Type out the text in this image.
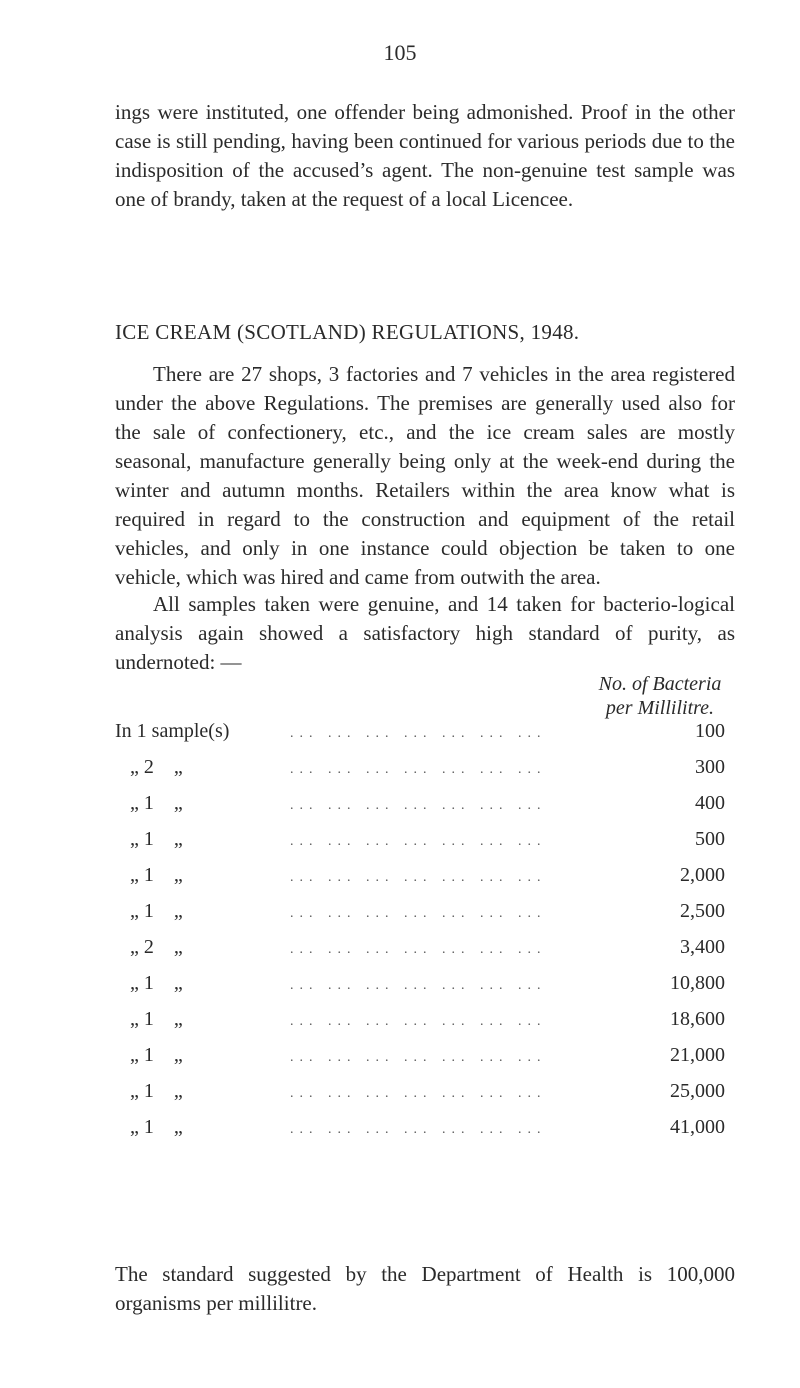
105
ings were instituted, one offender being admonished. Proof in the other case is still pending, having been continued for various periods due to the indisposition of the accused’s agent. The non-genuine test sample was one of brandy, taken at the request of a local Licencee.
ICE CREAM (SCOTLAND) REGULATIONS, 1948.
There are 27 shops, 3 factories and 7 vehicles in the area registered under the above Regulations. The premises are generally used also for the sale of confectionery, etc., and the ice cream sales are mostly seasonal, manufacture generally being only at the week-end during the winter and autumn months. Retailers within the area know what is required in regard to the construction and equipment of the retail vehicles, and only in one instance could objection be taken to one vehicle, which was hired and came from outwith the area.
All samples taken were genuine, and 14 taken for bacterio-logical analysis again showed a satisfactory high standard of purity, as undernoted: —
No. of Bacteria
per Millilitre.
In 1 sample(s)	... ... ... ... ... ... ...	100
„ 2    „	... ... ... ... ... ... ...	300
„ 1    „	... ... ... ... ... ... ...	400
„ 1    „	... ... ... ... ... ... ...	500
„ 1    „	... ... ... ... ... ... ...	2,000
„ 1    „	... ... ... ... ... ... ...	2,500
„ 2    „	... ... ... ... ... ... ...	3,400
„ 1    „	... ... ... ... ... ... ...	10,800
„ 1    „	... ... ... ... ... ... ...	18,600
„ 1    „	... ... ... ... ... ... ...	21,000
„ 1    „	... ... ... ... ... ... ...	25,000
„ 1    „	... ... ... ... ... ... ...	41,000
The standard suggested by the Department of Health is 100,000 organisms per millilitre.
